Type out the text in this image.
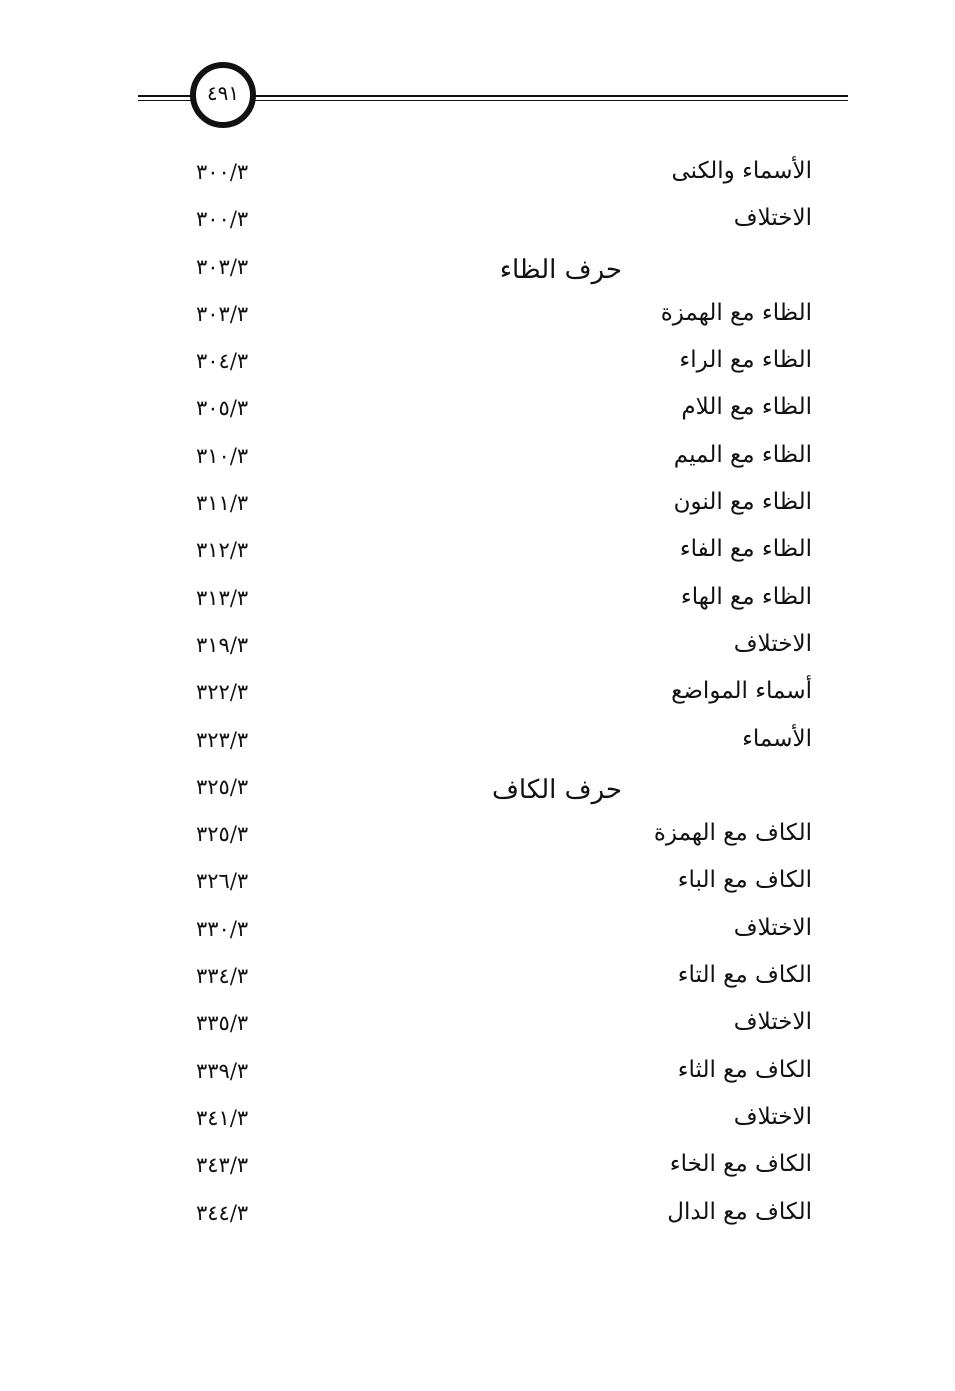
٤٩١
الأسماء والكنى
٣٠٠/٣
الاختلاف
٣٠٠/٣
حرف الظاء
٣٠٣/٣
الظاء مع الهمزة
٣٠٣/٣
الظاء مع الراء
٣٠٤/٣
الظاء مع اللام
٣٠٥/٣
الظاء مع الميم
٣١٠/٣
الظاء مع النون
٣١١/٣
الظاء مع الفاء
٣١٢/٣
الظاء مع الهاء
٣١٣/٣
الاختلاف
٣١٩/٣
أسماء المواضع
٣٢٢/٣
الأسماء
٣٢٣/٣
حرف الكاف
٣٢٥/٣
الكاف مع الهمزة
٣٢٥/٣
الكاف مع الباء
٣٢٦/٣
الاختلاف
٣٣٠/٣
الكاف مع التاء
٣٣٤/٣
الاختلاف
٣٣٥/٣
الكاف مع الثاء
٣٣٩/٣
الاختلاف
٣٤١/٣
الكاف مع الخاء
٣٤٣/٣
الكاف مع الدال
٣٤٤/٣
